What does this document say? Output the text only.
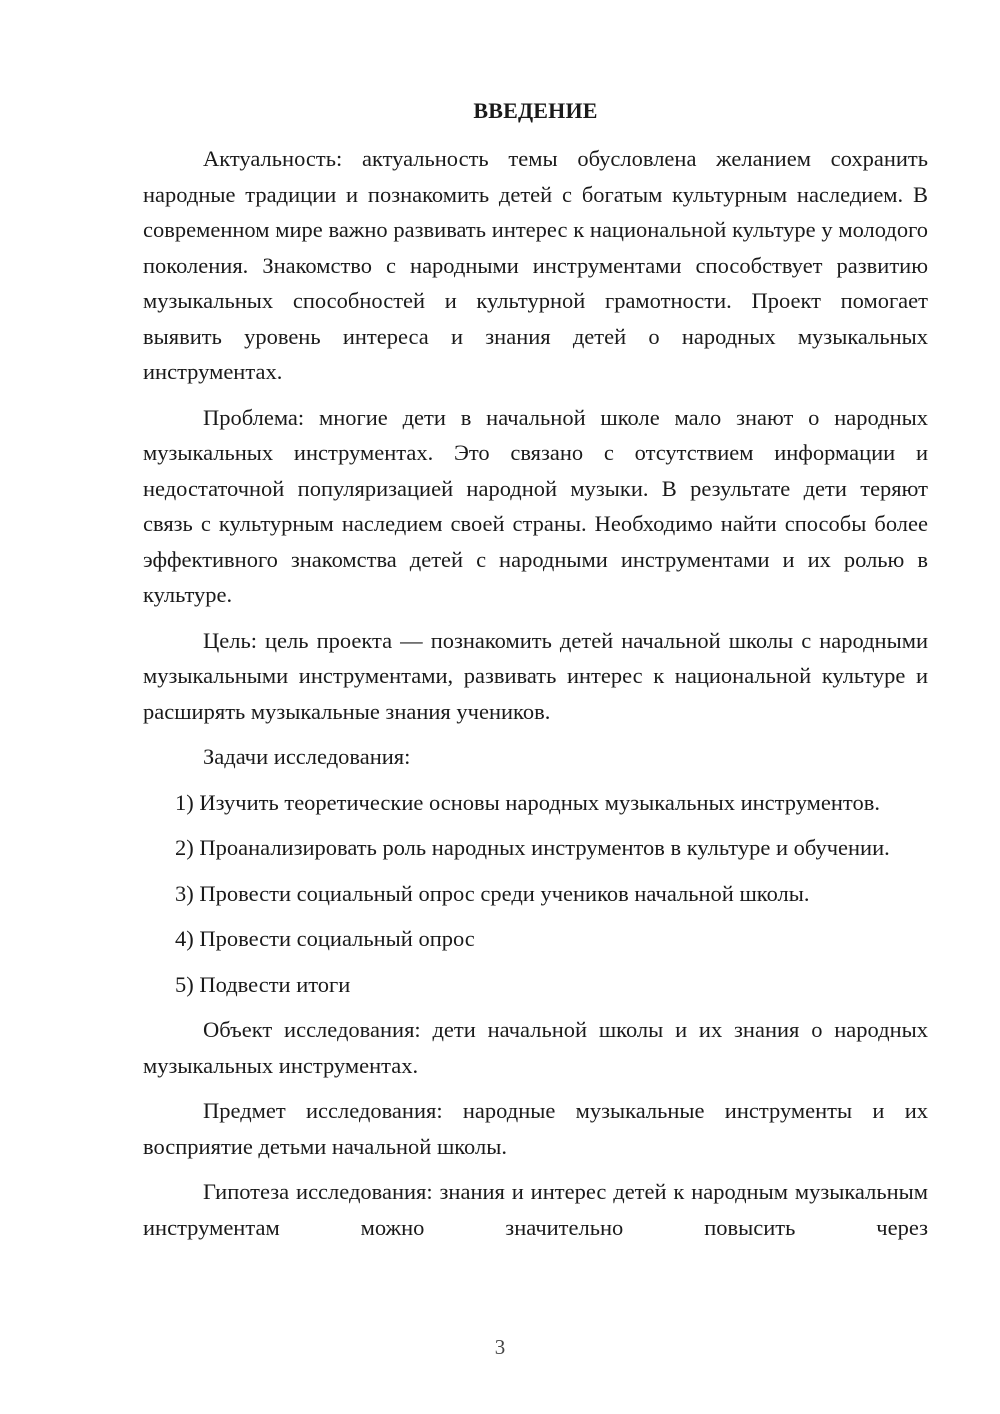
ВВЕДЕНИЕ

Актуальность: актуальность темы обусловлена желанием сохранить народные традиции и познакомить детей с богатым культурным наследием. В современном мире важно развивать интерес к национальной культуре у молодого поколения. Знакомство с народными инструментами способствует развитию музыкальных способностей и культурной грамотности. Проект помогает выявить уровень интереса и знания детей о народных музыкальных инструментах.

Проблема: многие дети в начальной школе мало знают о народных музыкальных инструментах. Это связано с отсутствием информации и недостаточной популяризацией народной музыки. В результате дети теряют связь с культурным наследием своей страны. Необходимо найти способы более эффективного знакомства детей с народными инструментами и их ролью в культуре.

Цель: цель проекта — познакомить детей начальной школы с народными музыкальными инструментами, развивать интерес к национальной культуре и расширять музыкальные знания учеников.

Задачи исследования:

1) Изучить теоретические основы народных музыкальных инструментов.

2) Проанализировать роль народных инструментов в культуре и обучении.

3) Провести социальный опрос среди учеников начальной школы.

4) Провести социальный опрос

5) Подвести итоги

Объект исследования: дети начальной школы и их знания о народных музыкальных инструментах.

Предмет исследования: народные музыкальные инструменты и их восприятие детьми начальной школы.

Гипотеза исследования: знания и интерес детей к народным музыкальным инструментам можно значительно повысить через

3
